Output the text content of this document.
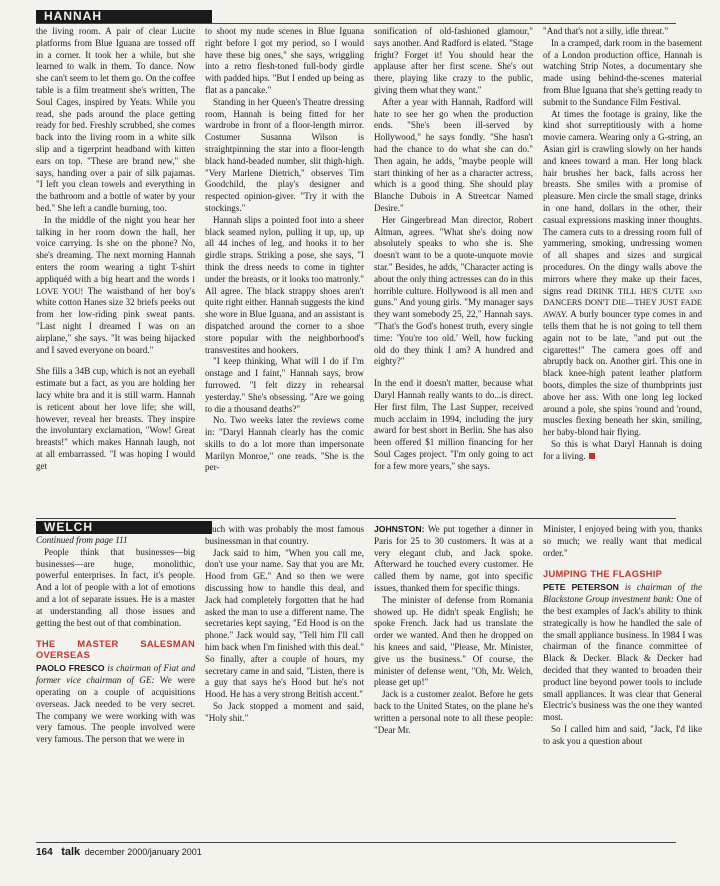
HANNAH

the living room. A pair of clear Lucite platforms from Blue Iguana are tossed off in a corner. It took her a while, but she learned to walk in them. To dance. Now she can't seem to let them go. On the coffee table is a film treatment she's written, The Soul Cages, inspired by Yeats. While you read, she pads around the place getting ready for bed. Freshly scrubbed, she comes back into the living room in a white silk slip and a tigerprint headband with kitten ears on top. "These are brand new," she says, handing over a pair of silk pajamas. "I left you clean towels and everything in the bathroom and a bottle of water by your bed." She left a candle burning, too.

In the middle of the night you hear her talking in her room down the hall, her voice carrying. Is she on the phone? No, she's dreaming. The next morning Hannah enters the room wearing a tight T-shirt appliquéd with a big heart and the words I LOVE YOU! The waistband of her boy's white cotton Hanes size 32 briefs peeks out from her low-riding pink sweat pants. "Last night I dreamed I was on an airplane," she says. "It was being hijacked and I saved everyone on board."

She fills a 34B cup, which is not an eyeball estimate but a fact, as you are holding her lacy white bra and it is still warm. Hannah is reticent about her love life; she will, however, reveal her breasts. They inspire the involuntary exclamation, "Wow! Great breasts!" which makes Hannah laugh, not at all embarrassed. "I was hoping I would get

to shoot my nude scenes in Blue Iguana right before I got my period, so I would have these big ones," she says, wriggling into a retro flesh-toned full-body girdle with padded hips. "But I ended up being as flat as a pancake."

Standing in her Queen's Theatre dressing room, Hannah is being fitted for her wardrobe in front of a floor-length mirror. Costumer Susanna Wilson is straightpinning the star into a floor-length black hand-beaded number, slit thigh-high. "Very Marlene Dietrich," observes Tim Goodchild, the play's designer and respected opinion-giver. "Try it with the stockings."

Hannah slips a pointed foot into a sheer black seamed nylon, pulling it up, up, up all 44 inches of leg, and hooks it to her girdle straps. Striking a pose, she says, "I think the dress needs to come in tighter under the breasts, or it looks too matronly." All agree. The black strappy shoes aren't quite right either. Hannah suggests the kind she wore in Blue Iguana, and an assistant is dispatched around the corner to a shoe store popular with the neighborhood's transvestites and hookers.

"I keep thinking, What will I do if I'm onstage and I faint," Hannah says, brow furrowed. "I felt dizzy in rehearsal yesterday." She's obsessing. "Are we going to die a thousand deaths?"

No. Two weeks later the reviews come in: "Daryl Hannah clearly has the comic skills to do a lot more than impersonate Marilyn Monroe," one reads. "She is the per-

sonification of old-fashioned glamour," says another. And Radford is elated. "Stage fright? Forget it! You should hear the applause after her first scene. She's out there, playing like crazy to the public, giving them what they want."

After a year with Hannah, Radford will hate to see her go when the production ends. "She's been ill-served by Hollywood," he says fondly. "She hasn't had the chance to do what she can do." Then again, he adds, "maybe people will start thinking of her as a character actress, which is a good thing. She should play Blanche Dubois in A Streetcar Named Desire."

Her Gingerbread Man director, Robert Altman, agrees. "What she's doing now absolutely speaks to who she is. She doesn't want to be a quote-unquote movie star." Besides, he adds, "Character acting is about the only thing actresses can do in this horrible culture. Hollywood is all men and guns." And young girls. "My manager says they want somebody 25, 22," Hannah says. "That's the God's honest truth, every single time: 'You're too old.' Well, how fucking old do they think I am? A hundred and eighty?"

In the end it doesn't matter, because what Daryl Hannah really wants to do...is direct. Her first film, The Last Supper, received much acclaim in 1994, including the jury award for best short in Berlin. She has also been offered $1 million financing for her Soul Cages project. "I'm only going to act for a few more years," she says.

"And that's not a silly, idle threat."

In a cramped, dark room in the basement of a London production office, Hannah is watching Strip Notes, a documentary she made using behind-the-scenes material from Blue Iguana that she's getting ready to submit to the Sundance Film Festival.

At times the footage is grainy, like the kind shot surreptitiously with a home movie camera. Wearing only a G-string, an Asian girl is crawling slowly on her hands and knees toward a man. Her long black hair brushes her back, falls across her breasts. She smiles with a promise of pleasure. Men circle the small stage, drinks in one hand, dollars in the other, their casual expressions masking inner thoughts. The camera cuts to a dressing room full of yammering, smoking, undressing women of all shapes and sizes and surgical procedures. On the dingy walls above the mirrors where they make up their faces, signs read DRINK TILL HE'S CUTE and DANCERS DON'T DIE—THEY JUST FADE AWAY. A burly bouncer type comes in and tells them that he is not going to tell them again not to be late, "and put out the cigarettes!" The camera goes off and abruptly back on. Another girl. This one in black knee-high patent leather platform boots, dimples the size of thumbprints just above her ass. With one long leg locked around a pole, she spins 'round and 'round, muscles flexing beneath her skin, smiling, her baby-blond hair flying.

So this is what Daryl Hannah is doing for a living.

WELCH

Continued from page 111

People think that businesses—big businesses—are huge, monolithic, powerful enterprises. In fact, it's people. And a lot of people with a lot of emotions and a lot of separate issues. He is a master at understanding all those issues and getting the best out of that combination.

THE MASTER SALESMAN OVERSEAS

PAOLO FRESCO is chairman of Fiat and former vice chairman of GE: We were operating on a couple of acquisitions overseas. Jack needed to be very secret. The company we were working with was very famous. The people involved were very famous. The person that we were in

touch with was probably the most famous businessman in that country.

Jack said to him, "When you call me, don't use your name. Say that you are Mr. Hood from GE." And so then we were discussing how to handle this deal, and Jack had completely forgotten that he had asked the man to use a different name. The secretaries kept saying, "Ed Hood is on the phone." Jack would say, "Tell him I'll call him back when I'm finished with this deal." So finally, after a couple of hours, my secretary came in and said, "Listen, there is a guy that says he's Hood but he's not Hood. He has a very strong British accent."

So Jack stopped a moment and said, "Holy shit."

JOHNSTON: We put together a dinner in Paris for 25 to 30 customers. It was at a very elegant club, and Jack spoke. Afterward he touched every customer. He called them by name, got into specific issues, thanked them for specific things.

The minister of defense from Romania showed up. He didn't speak English; he spoke French. Jack had us translate the order we wanted. And then he dropped on his knees and said, "Please, Mr. Minister, give us the business." Of course, the minister of defense went, "Oh, Mr. Welch, please get up!"

Jack is a customer zealot. Before he gets back to the United States, on the plane he's written a personal note to all these people: "Dear Mr.

Minister, I enjoyed being with you, thanks so much; we really want that medical order."

JUMPING THE FLAGSHIP

PETE PETERSON is chairman of the Blackstone Group investment bank: One of the best examples of Jack's ability to think strategically is how he handled the sale of the small appliance business. In 1984 I was chairman of the finance committee of Black & Decker. Black & Decker had decided that they wanted to broaden their product line beyond power tools to include small appliances. It was clear that General Electric's business was the one they wanted most.

So I called him and said, "Jack, I'd like to ask you a question about

164 talk december 2000/january 2001
